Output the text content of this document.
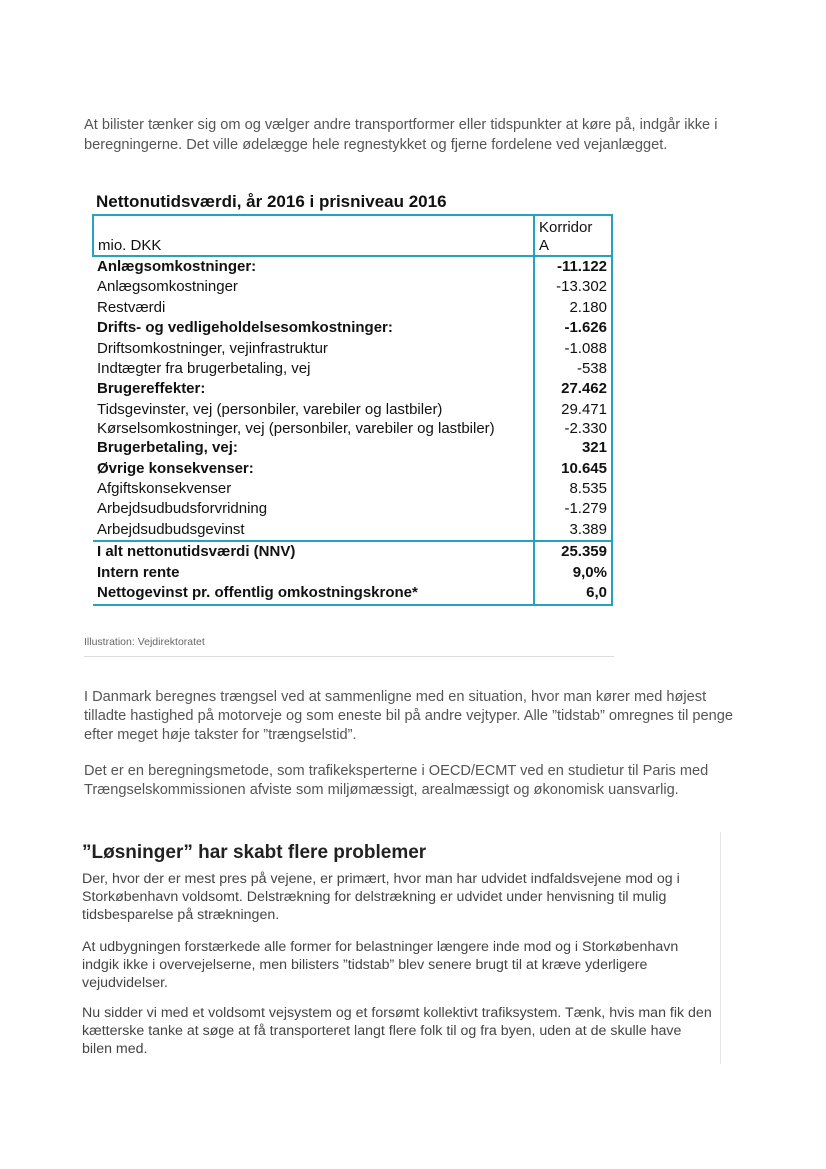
At bilister tænker sig om og vælger andre transportformer eller tidspunkter at køre på, indgår ikke i beregningerne. Det ville ødelægge hele regnestykket og fjerne fordelene ved vejanlægget.

Nettonutidsværdi, år 2016 i prisniveau 2016
mio. DKK	Korridor
A
Anlægsomkostninger:	-11.122
Anlægsomkostninger	-13.302
Restværdi	2.180
Drifts- og vedligeholdelsesomkostninger:	-1.626
Driftsomkostninger, vejinfrastruktur	-1.088
Indtægter fra brugerbetaling, vej	-538
Brugereffekter:	27.462
Tidsgevinster, vej (personbiler, varebiler og lastbiler)	29.471
Kørselsomkostninger, vej (personbiler, varebiler og lastbiler)	-2.330
Brugerbetaling, vej:	321
Øvrige konsekvenser:	10.645
Afgiftskonsekvenser	8.535
Arbejdsudbudsforvridning	-1.279
Arbejdsudbudsgevinst	3.389
I alt nettonutidsværdi (NNV)	25.359
Intern rente	9,0%
Nettogevinst pr. offentlig omkostningskrone*	6,0
Illustration: Vejdirektoratet

I Danmark beregnes trængsel ved at sammenligne med en situation, hvor man kører med højest tilladte hastighed på motorveje og som eneste bil på andre vejtyper. Alle ”tidstab” omregnes til penge efter meget høje takster for ”trængselstid”.

Det er en beregningsmetode, som trafikeksperterne i OECD/ECMT ved en studietur til Paris med Trængselskommissionen afviste som miljømæssigt, arealmæssigt og økonomisk uansvarlig.

”Løsninger” har skabt flere problemer

Der, hvor der er mest pres på vejene, er primært, hvor man har udvidet indfaldsvejene mod og i Storkøbenhavn voldsomt. Delstrækning for delstrækning er udvidet under henvisning til mulig tidsbesparelse på strækningen.

At udbygningen forstærkede alle former for belastninger længere inde mod og i Storkøbenhavn indgik ikke i overvejelserne, men bilisters ”tidstab” blev senere brugt til at kræve yderligere vejudvidelser.

Nu sidder vi med et voldsomt vejsystem og et forsømt kollektivt trafiksystem. Tænk, hvis man fik den kætterske tanke at søge at få transporteret langt flere folk til og fra byen, uden at de skulle have bilen med.
